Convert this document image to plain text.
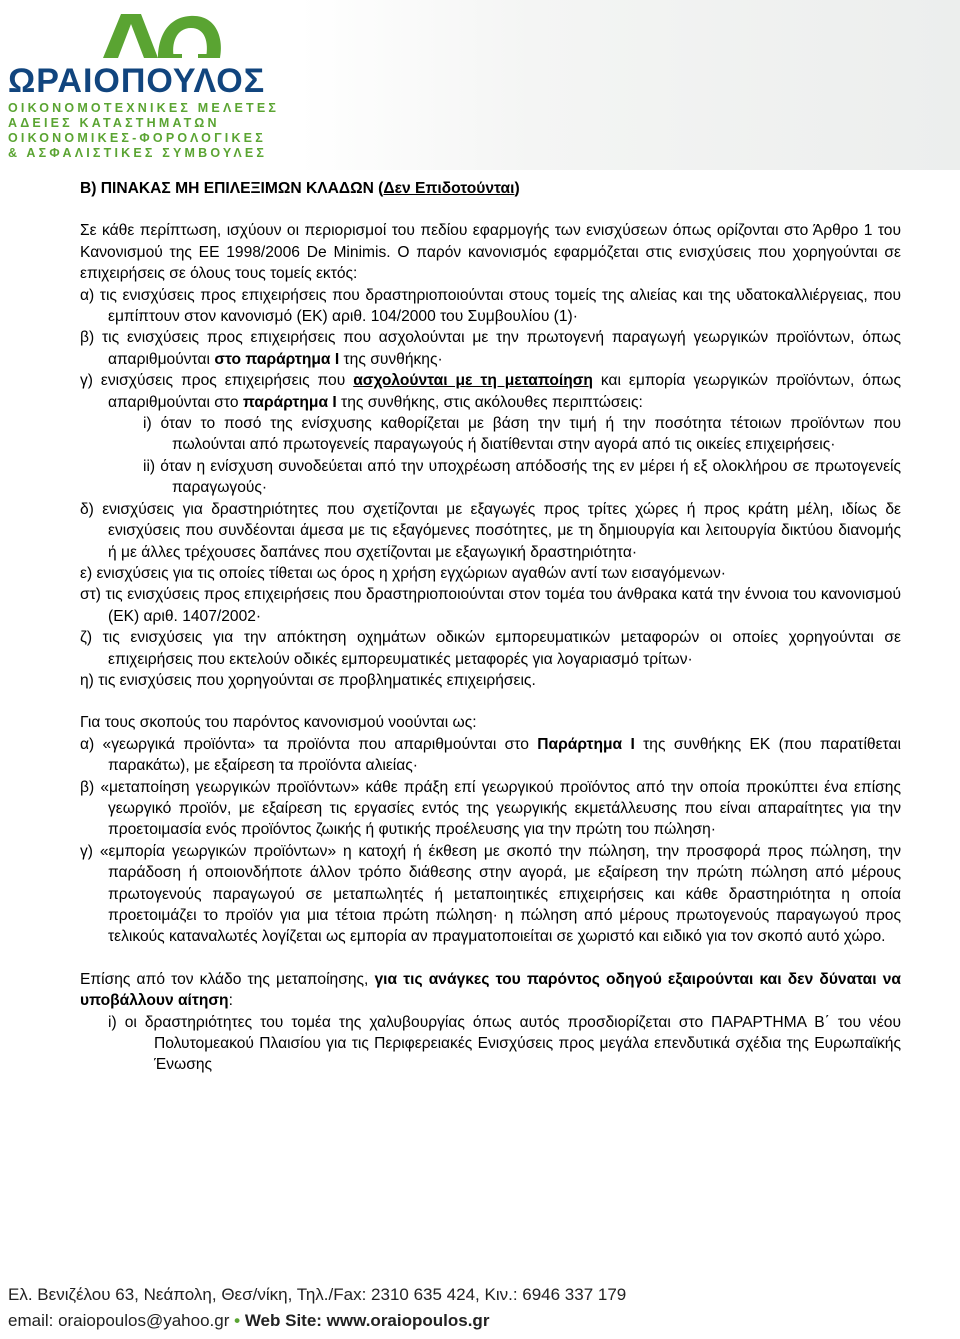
ΩΡΑΙΟΠΟΥΛΟΣ
ΟΙΚΟΝΟΜΟΤΕΧΝΙΚΕΣ ΜΕΛΕΤΕΣ
ΑΔΕΙΕΣ ΚΑΤΑΣΤΗΜΑΤΩΝ
ΟΙΚΟΝΟΜΙΚΕΣ-ΦΟΡΟΛΟΓΙΚΕΣ
& ΑΣΦΑΛΙΣΤΙΚΕΣ ΣΥΜΒΟΥΛΕΣ
Β) ΠΙΝΑΚΑΣ ΜΗ ΕΠΙΛΕΞΙΜΩΝ ΚΛΑΔΩΝ (Δεν Επιδοτούνται)

Σε κάθε περίπτωση, ισχύουν οι περιορισμοί του πεδίου εφαρμογής των ενισχύσεων όπως ορίζονται στο Άρθρο 1 του Κανονισμού της ΕΕ 1998/2006 De Minimis. Ο παρόν κανονισμός εφαρμόζεται στις ενισχύσεις που χορηγούνται σε επιχειρήσεις σε όλους τους τομείς εκτός:

α) τις ενισχύσεις προς επιχειρήσεις που δραστηριοποιούνται στους τομείς της αλιείας και της υδατοκαλλιέργειας, που εμπίπτουν στον κανονισμό (ΕΚ) αριθ. 104/2000 του Συμβουλίου (1)·
β) τις ενισχύσεις προς επιχειρήσεις που ασχολούνται με την πρωτογενή παραγωγή γεωργικών προϊόντων, όπως απαριθμούνται στο παράρτημα Ι της συνθήκης·
γ) ενισχύσεις προς επιχειρήσεις που ασχολούνται με τη μεταποίηση και εμπορία γεωργικών προϊόντων, όπως απαριθμούνται στο παράρτημα Ι της συνθήκης, στις ακόλουθες περιπτώσεις:
i) όταν το ποσό της ενίσχυσης καθορίζεται με βάση την τιμή ή την ποσότητα τέτοιων προϊόντων που πωλούνται από πρωτογενείς παραγωγούς ή διατίθενται στην αγορά από τις οικείες επιχειρήσεις·
ii) όταν η ενίσχυση συνοδεύεται από την υποχρέωση απόδοσής της εν μέρει ή εξ ολοκλήρου σε πρωτογενείς παραγωγούς·
δ) ενισχύσεις για δραστηριότητες που σχετίζονται με εξαγωγές προς τρίτες χώρες ή προς κράτη μέλη, ιδίως δε ενισχύσεις που συνδέονται άμεσα με τις εξαγόμενες ποσότητες, με τη δημιουργία και λειτουργία δικτύου διανομής ή με άλλες τρέχουσες δαπάνες που σχετίζονται με εξαγωγική δραστηριότητα·
ε) ενισχύσεις για τις οποίες τίθεται ως όρος η χρήση εγχώριων αγαθών αντί των εισαγόμενων·
στ) τις ενισχύσεις προς επιχειρήσεις που δραστηριοποιούνται στον τομέα του άνθρακα κατά την έννοια του κανονισμού (ΕΚ) αριθ. 1407/2002·
ζ) τις ενισχύσεις για την απόκτηση οχημάτων οδικών εμπορευματικών μεταφορών οι οποίες χορηγούνται σε επιχειρήσεις που εκτελούν οδικές εμπορευματικές μεταφορές για λογαριασμό τρίτων·
η) τις ενισχύσεις που χορηγούνται σε προβληματικές επιχειρήσεις.

Για τους σκοπούς του παρόντος κανονισμού νοούνται ως:

α) «γεωργικά προϊόντα» τα προϊόντα που απαριθμούνται στο Παράρτημα Ι της συνθήκης ΕΚ (που παρατίθεται παρακάτω), με εξαίρεση τα προϊόντα αλιείας·
β) «μεταποίηση γεωργικών προϊόντων» κάθε πράξη επί γεωργικού προϊόντος από την οποία προκύπτει ένα επίσης γεωργικό προϊόν, με εξαίρεση τις εργασίες εντός της γεωργικής εκμετάλλευσης που είναι απαραίτητες για την προετοιμασία ενός προϊόντος ζωικής ή φυτικής προέλευσης για την πρώτη του πώληση·
γ) «εμπορία γεωργικών προϊόντων» η κατοχή ή έκθεση με σκοπό την πώληση, την προσφορά προς πώληση, την παράδοση ή οποιονδήποτε άλλον τρόπο διάθεσης στην αγορά, με εξαίρεση την πρώτη πώληση από μέρους πρωτογενούς παραγωγού σε μεταπωλητές ή μεταποιητικές επιχειρήσεις και κάθε δραστηριότητα η οποία προετοιμάζει το προϊόν για μια τέτοια πρώτη πώληση· η πώληση από μέρους πρωτογενούς παραγωγού προς τελικούς καταναλωτές λογίζεται ως εμπορία αν πραγματοποιείται σε χωριστό και ειδικό για τον σκοπό αυτό χώρο.

Επίσης από τον κλάδο της μεταποίησης, για τις ανάγκες του παρόντος οδηγού εξαιρούνται και δεν δύναται να υποβάλλουν αίτηση:

i) οι δραστηριότητες του τομέα της χαλυβουργίας όπως αυτός προσδιορίζεται στο ΠΑΡΑΡΤΗΜΑ Β΄ του νέου Πολυτομεακού Πλαισίου για τις Περιφερειακές Ενισχύσεις προς μεγάλα επενδυτικά σχέδια της Ευρωπαϊκής Ένωσης
Ελ. Βενιζέλου 63, Νεάπολη, Θεσ/νίκη, Τηλ./Fax: 2310 635 424, Κιν.: 6946 337 179
email: oraiopoulos@yahoo.gr • Web Site: www.oraiopoulos.gr
